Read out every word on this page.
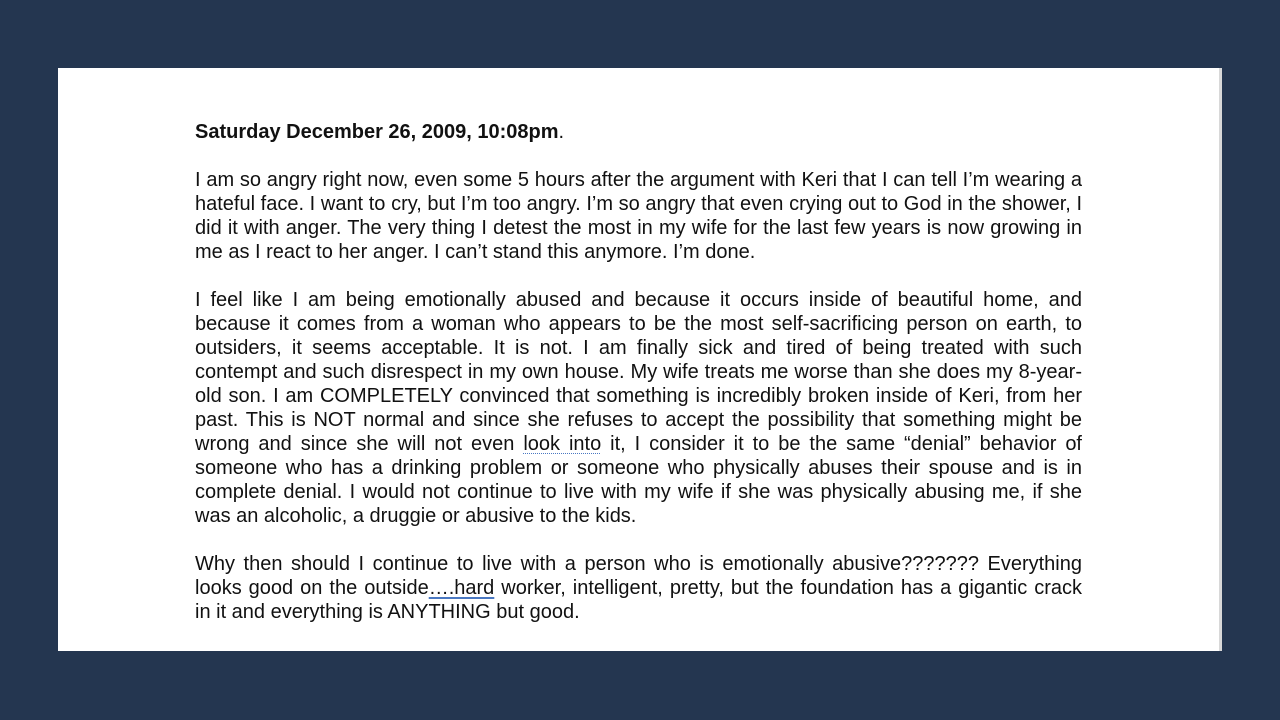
Saturday December 26, 2009, 10:08pm.

I am so angry right now, even some 5 hours after the argument with Keri that I can tell I’m wearing a hateful face. I want to cry, but I’m too angry. I’m so angry that even crying out to God in the shower, I did it with anger. The very thing I detest the most in my wife for the last few years is now growing in me as I react to her anger. I can’t stand this anymore. I’m done.

I feel like I am being emotionally abused and because it occurs inside of beautiful home, and because it comes from a woman who appears to be the most self-sacrificing person on earth, to outsiders, it seems acceptable. It is not. I am finally sick and tired of being treated with such contempt and such disrespect in my own house. My wife treats me worse than she does my 8-year-old son. I am COMPLETELY convinced that something is incredibly broken inside of Keri, from her past. This is NOT normal and since she refuses to accept the possibility that something might be wrong and since she will not even look into it, I consider it to be the same “denial” behavior of someone who has a drinking problem or someone who physically abuses their spouse and is in complete denial. I would not continue to live with my wife if she was physically abusing me, if she was an alcoholic, a druggie or abusive to the kids.

Why then should I continue to live with a person who is emotionally abusive??????? Everything looks good on the outside….hard worker, intelligent, pretty, but the foundation has a gigantic crack in it and everything is ANYTHING but good.
